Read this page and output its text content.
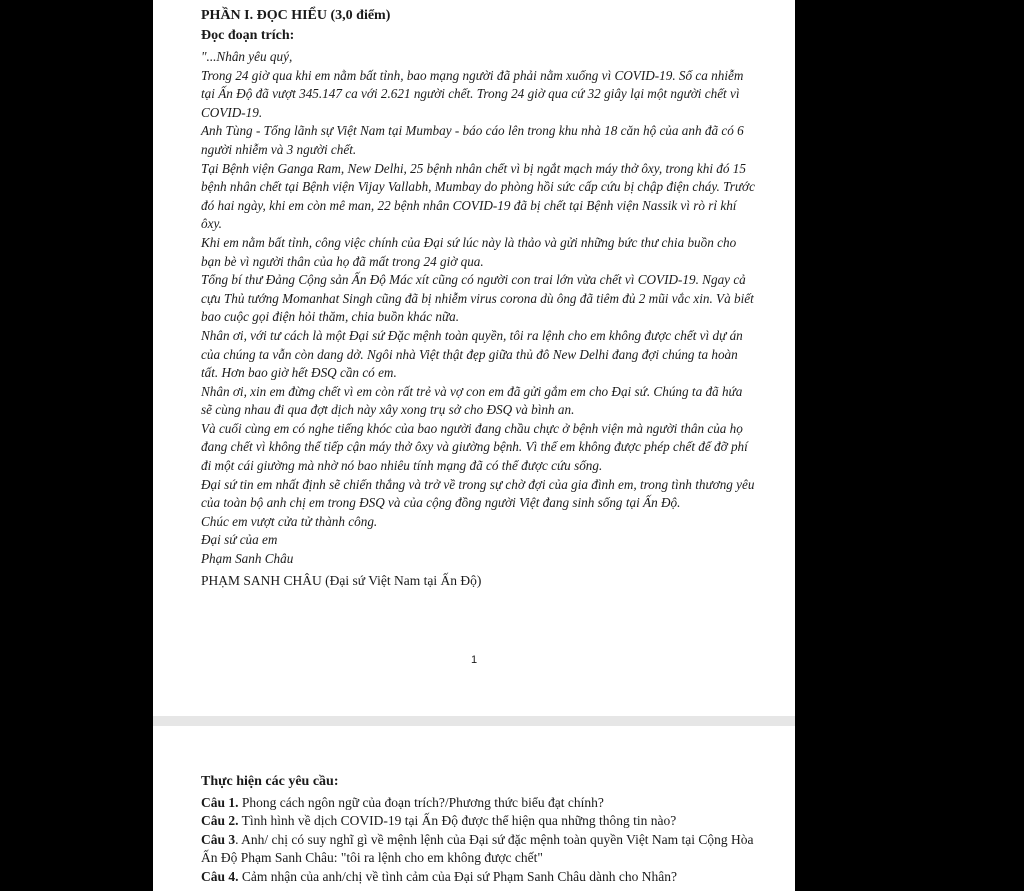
PHẦN I. ĐỌC HIỂU (3,0 điểm)
Đọc đoạn trích:

"...Nhân yêu quý,

Trong 24 giờ qua khi em nằm bất tỉnh, bao mạng người đã phải nằm xuống vì COVID-19. Số ca nhiễm tại Ấn Độ đã vượt 345.147 ca với 2.621 người chết. Trong 24 giờ qua cứ 32 giây lại một người chết vì COVID-19.

Anh Tùng - Tổng lãnh sự Việt Nam tại Mumbay - báo cáo lên trong khu nhà 18 căn hộ của anh đã có 6 người nhiễm và 3 người chết.

Tại Bệnh viện Ganga Ram, New Delhi, 25 bệnh nhân chết vì bị ngắt mạch máy thở ôxy, trong khi đó 15 bệnh nhân chết tại Bệnh viện Vijay Vallabh, Mumbay do phòng hồi sức cấp cứu bị chập điện cháy. Trước đó hai ngày, khi em còn mê man, 22 bệnh nhân COVID-19 đã bị chết tại Bệnh viện Nassik vì rò rỉ khí ôxy.

Khi em nằm bất tỉnh, công việc chính của Đại sứ lúc này là thảo và gửi những bức thư chia buồn cho bạn bè vì người thân của họ đã mất trong 24 giờ qua.

Tổng bí thư Đảng Cộng sản Ấn Độ Mác xít cũng có người con trai lớn vừa chết vì COVID-19. Ngay cả cựu Thủ tướng Momanhat Singh cũng đã bị nhiễm virus corona dù ông đã tiêm đủ 2 mũi vắc xin. Và biết bao cuộc gọi điện hỏi thăm, chia buồn khác nữa.

Nhân ơi, với tư cách là một Đại sứ Đặc mệnh toàn quyền, tôi ra lệnh cho em không được chết vì dự án của chúng ta vẫn còn dang dở. Ngôi nhà Việt thật đẹp giữa thủ đô New Delhi đang đợi chúng ta hoàn tất. Hơn bao giờ hết ĐSQ cần có em.

Nhân ơi, xin em đừng chết vì em còn rất trẻ và vợ con em đã gửi gắm em cho Đại sứ. Chúng ta đã hứa sẽ cùng nhau đi qua đợt dịch này xây xong trụ sở cho ĐSQ và bình an.

Và cuối cùng em có nghe tiếng khóc của bao người đang chầu chực ở bệnh viện mà người thân của họ đang chết vì không thể tiếp cận máy thở ôxy và giường bệnh. Vì thế em không được phép chết để đỡ phí đi một cái giường mà nhờ nó bao nhiêu tính mạng đã có thể được cứu sống.

Đại sứ tin em nhất định sẽ chiến thắng và trở về trong sự chờ đợi của gia đình em, trong tình thương yêu của toàn bộ anh chị em trong ĐSQ và của cộng đồng người Việt đang sinh sống tại Ấn Độ.

Chúc em vượt cửa tử thành công.

Đại sứ của em

Phạm Sanh Châu

PHẠM SANH CHÂU (Đại sứ Việt Nam tại Ấn Độ)
1
Thực hiện các yêu cầu:
Câu 1. Phong cách ngôn ngữ của đoạn trích?/Phương thức biểu đạt chính?
Câu 2. Tình hình về dịch COVID-19 tại Ấn Độ được thể hiện qua những thông tin nào?
Câu 3. Anh/ chị có suy nghĩ gì về mệnh lệnh của Đại sứ đặc mệnh toàn quyền Việt Nam tại Cộng Hòa Ấn Độ Phạm Sanh Châu: "tôi ra lệnh cho em không được chết"
Câu 4. Cảm nhận của anh/chị về tình cảm của Đại sứ Phạm Sanh Châu dành cho Nhân?
